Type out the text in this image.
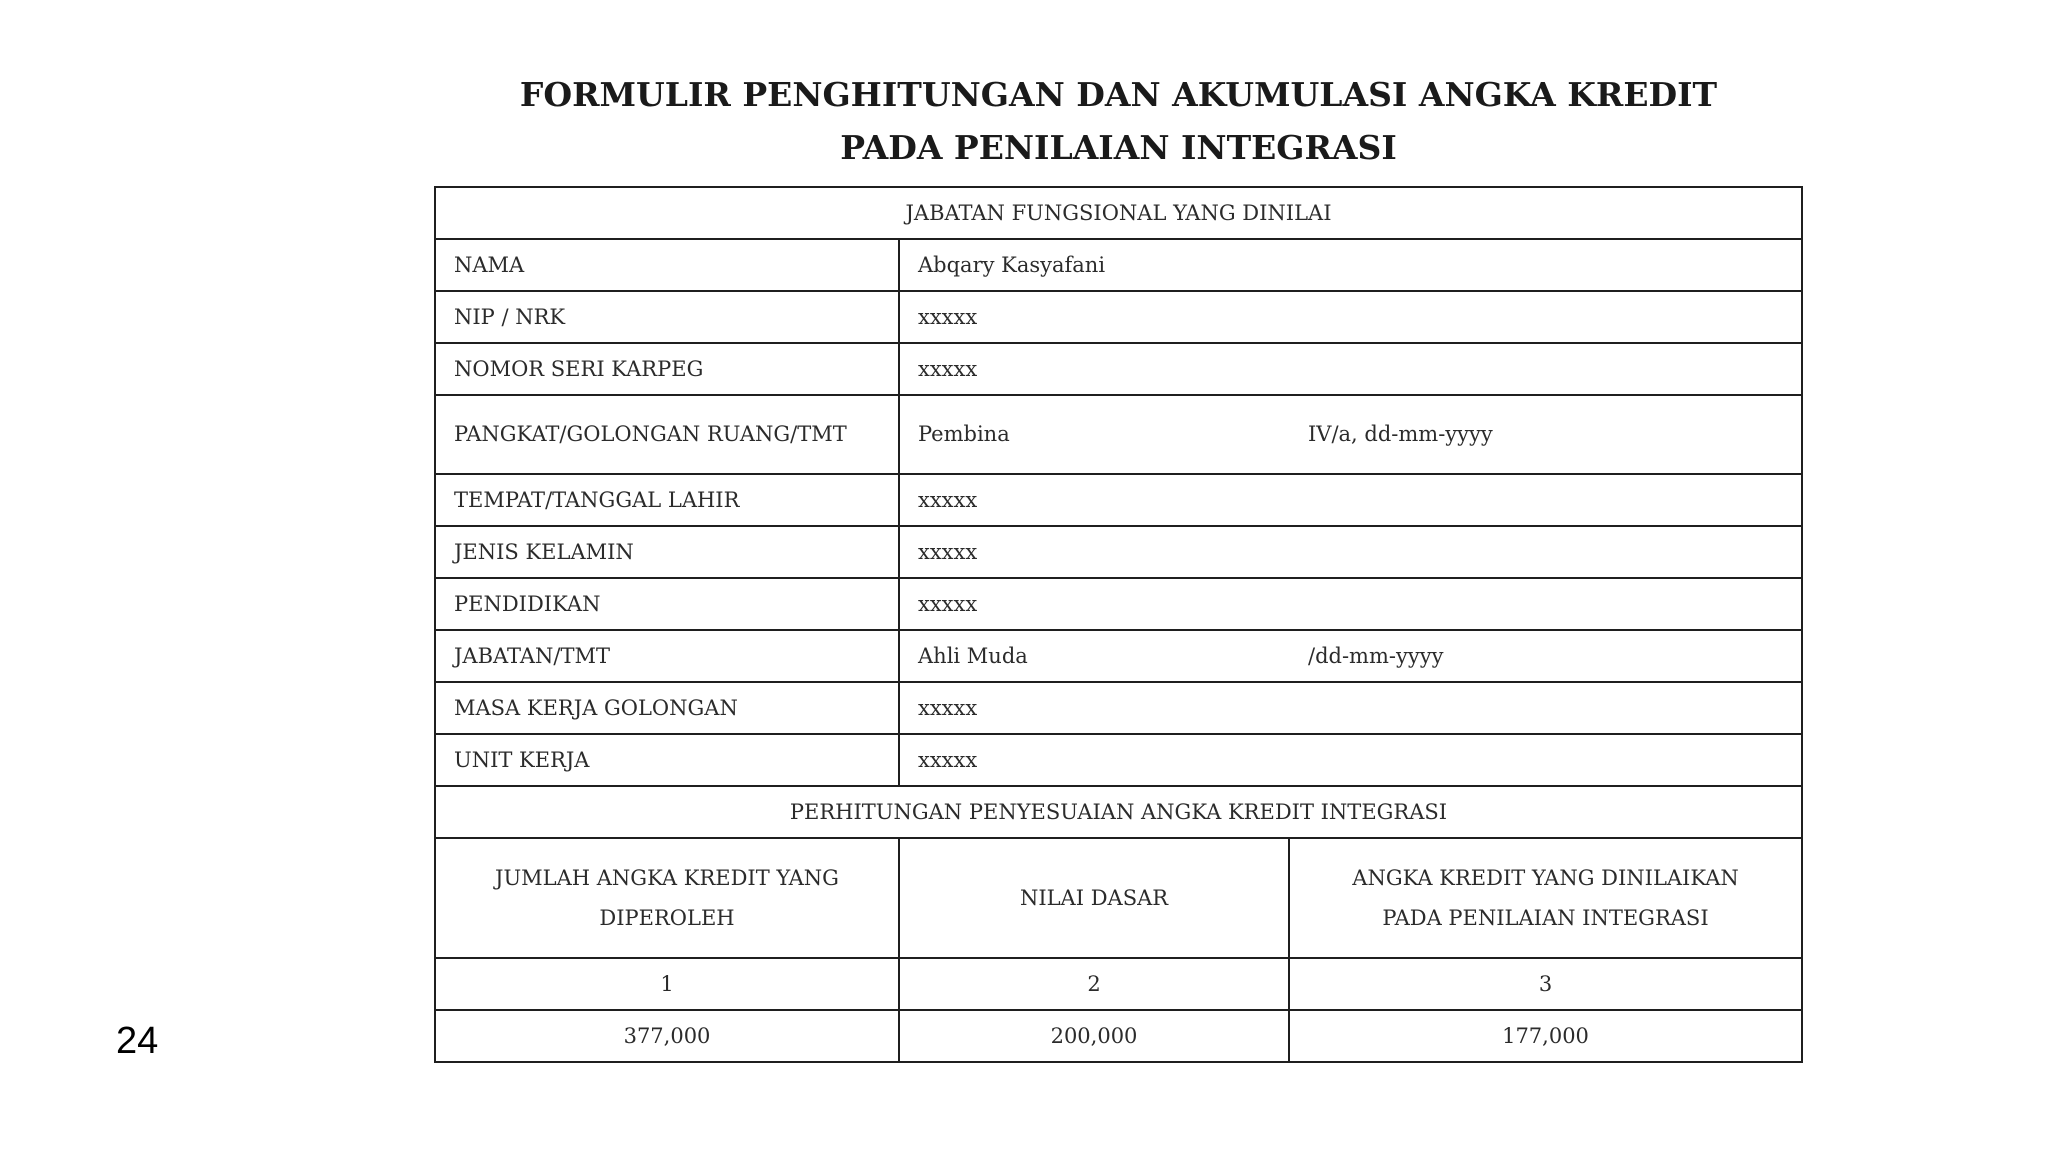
FORMULIR PENGHITUNGAN DAN AKUMULASI ANGKA KREDIT
PADA PENILAIAN INTEGRASI
24
JABATAN FUNGSIONAL YANG DINILAI		
NAMA	Abqary Kasyafani	
NIP / NRK	xxxxx	
NOMOR SERI KARPEG	xxxxx	
PANGKAT/GOLONGAN RUANG/TMT	Pembina IV/a, dd-mm-yyyy	

TEMPAT/TANGGAL LAHIR	xxxxx	
JENIS KELAMIN	xxxxx	
PENDIDIKAN	xxxxx	
JABATAN/TMT	Ahli Muda /dd-mm-yyyy	

MASA KERJA GOLONGAN	xxxxx	
UNIT KERJA	xxxxx	
PERHITUNGAN PENYESUAIAN ANGKA KREDIT INTEGRASI		
JUMLAH ANGKA KREDIT YANG DIPEROLEH	NILAI DASAR	ANGKA KREDIT YANG DINILAIKAN PADA PENILAIAN INTEGRASI
1	2	3
377,000	200,000	177,000
